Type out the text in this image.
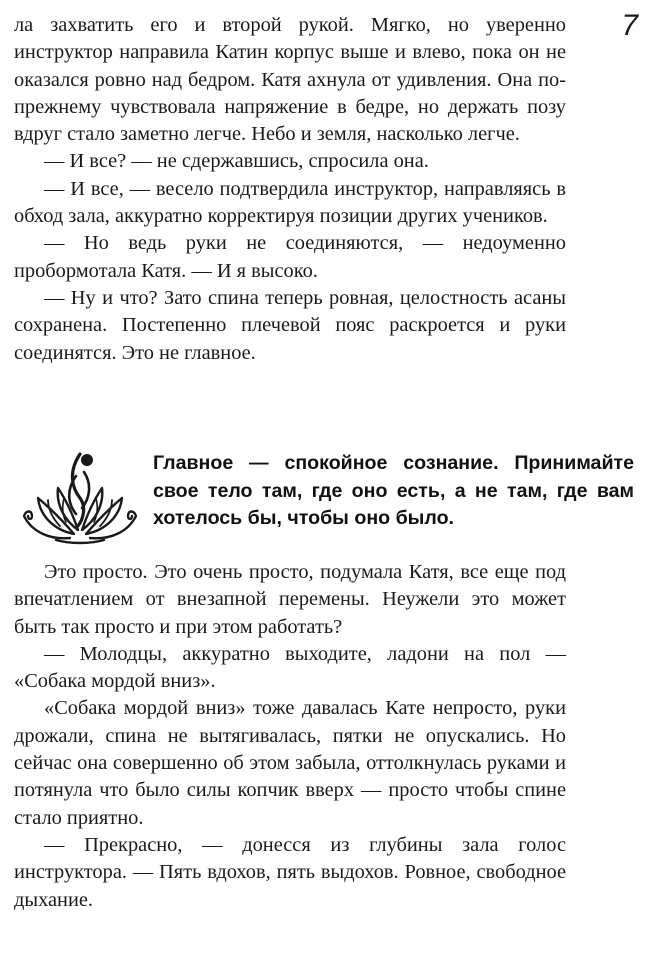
7

ла захватить его и второй рукой. Мягко, но уверенно инструктор направила Катин корпус выше и влево, пока он не оказался ровно над бедром. Катя ахнула от удивления. Она по-прежнему чувствовала напряжение в бедре, но держать позу вдруг стало заметно легче. Небо и земля, насколько легче.

— И все? — не сдержавшись, спросила она.

— И все, — весело подтвердила инструктор, направляясь в обход зала, аккуратно корректируя позиции других учеников.

— Но ведь руки не соединяются, — недоуменно пробормотала Катя. — И я высоко.

— Ну и что? Зато спина теперь ровная, целостность асаны сохранена. Постепенно плечевой пояс раскроется и руки соединятся. Это не главное.

Главное — спокойное сознание. Принимайте свое тело там, где оно есть, а не там, где вам хотелось бы, чтобы оно было.

Это просто. Это очень просто, подумала Катя, все еще под впечатлением от внезапной перемены. Неужели это может быть так просто и при этом работать?

— Молодцы, аккуратно выходите, ладони на пол — «Собака мордой вниз».

«Собака мордой вниз» тоже давалась Кате непросто, руки дрожали, спина не вытягивалась, пятки не опускались. Но сейчас она совершенно об этом забыла, оттолкнулась руками и потянула что было силы копчик вверх — просто чтобы спине стало приятно.

— Прекрасно, — донесся из глубины зала голос инструктора. — Пять вдохов, пять выдохов. Ровное, свободное дыхание.
